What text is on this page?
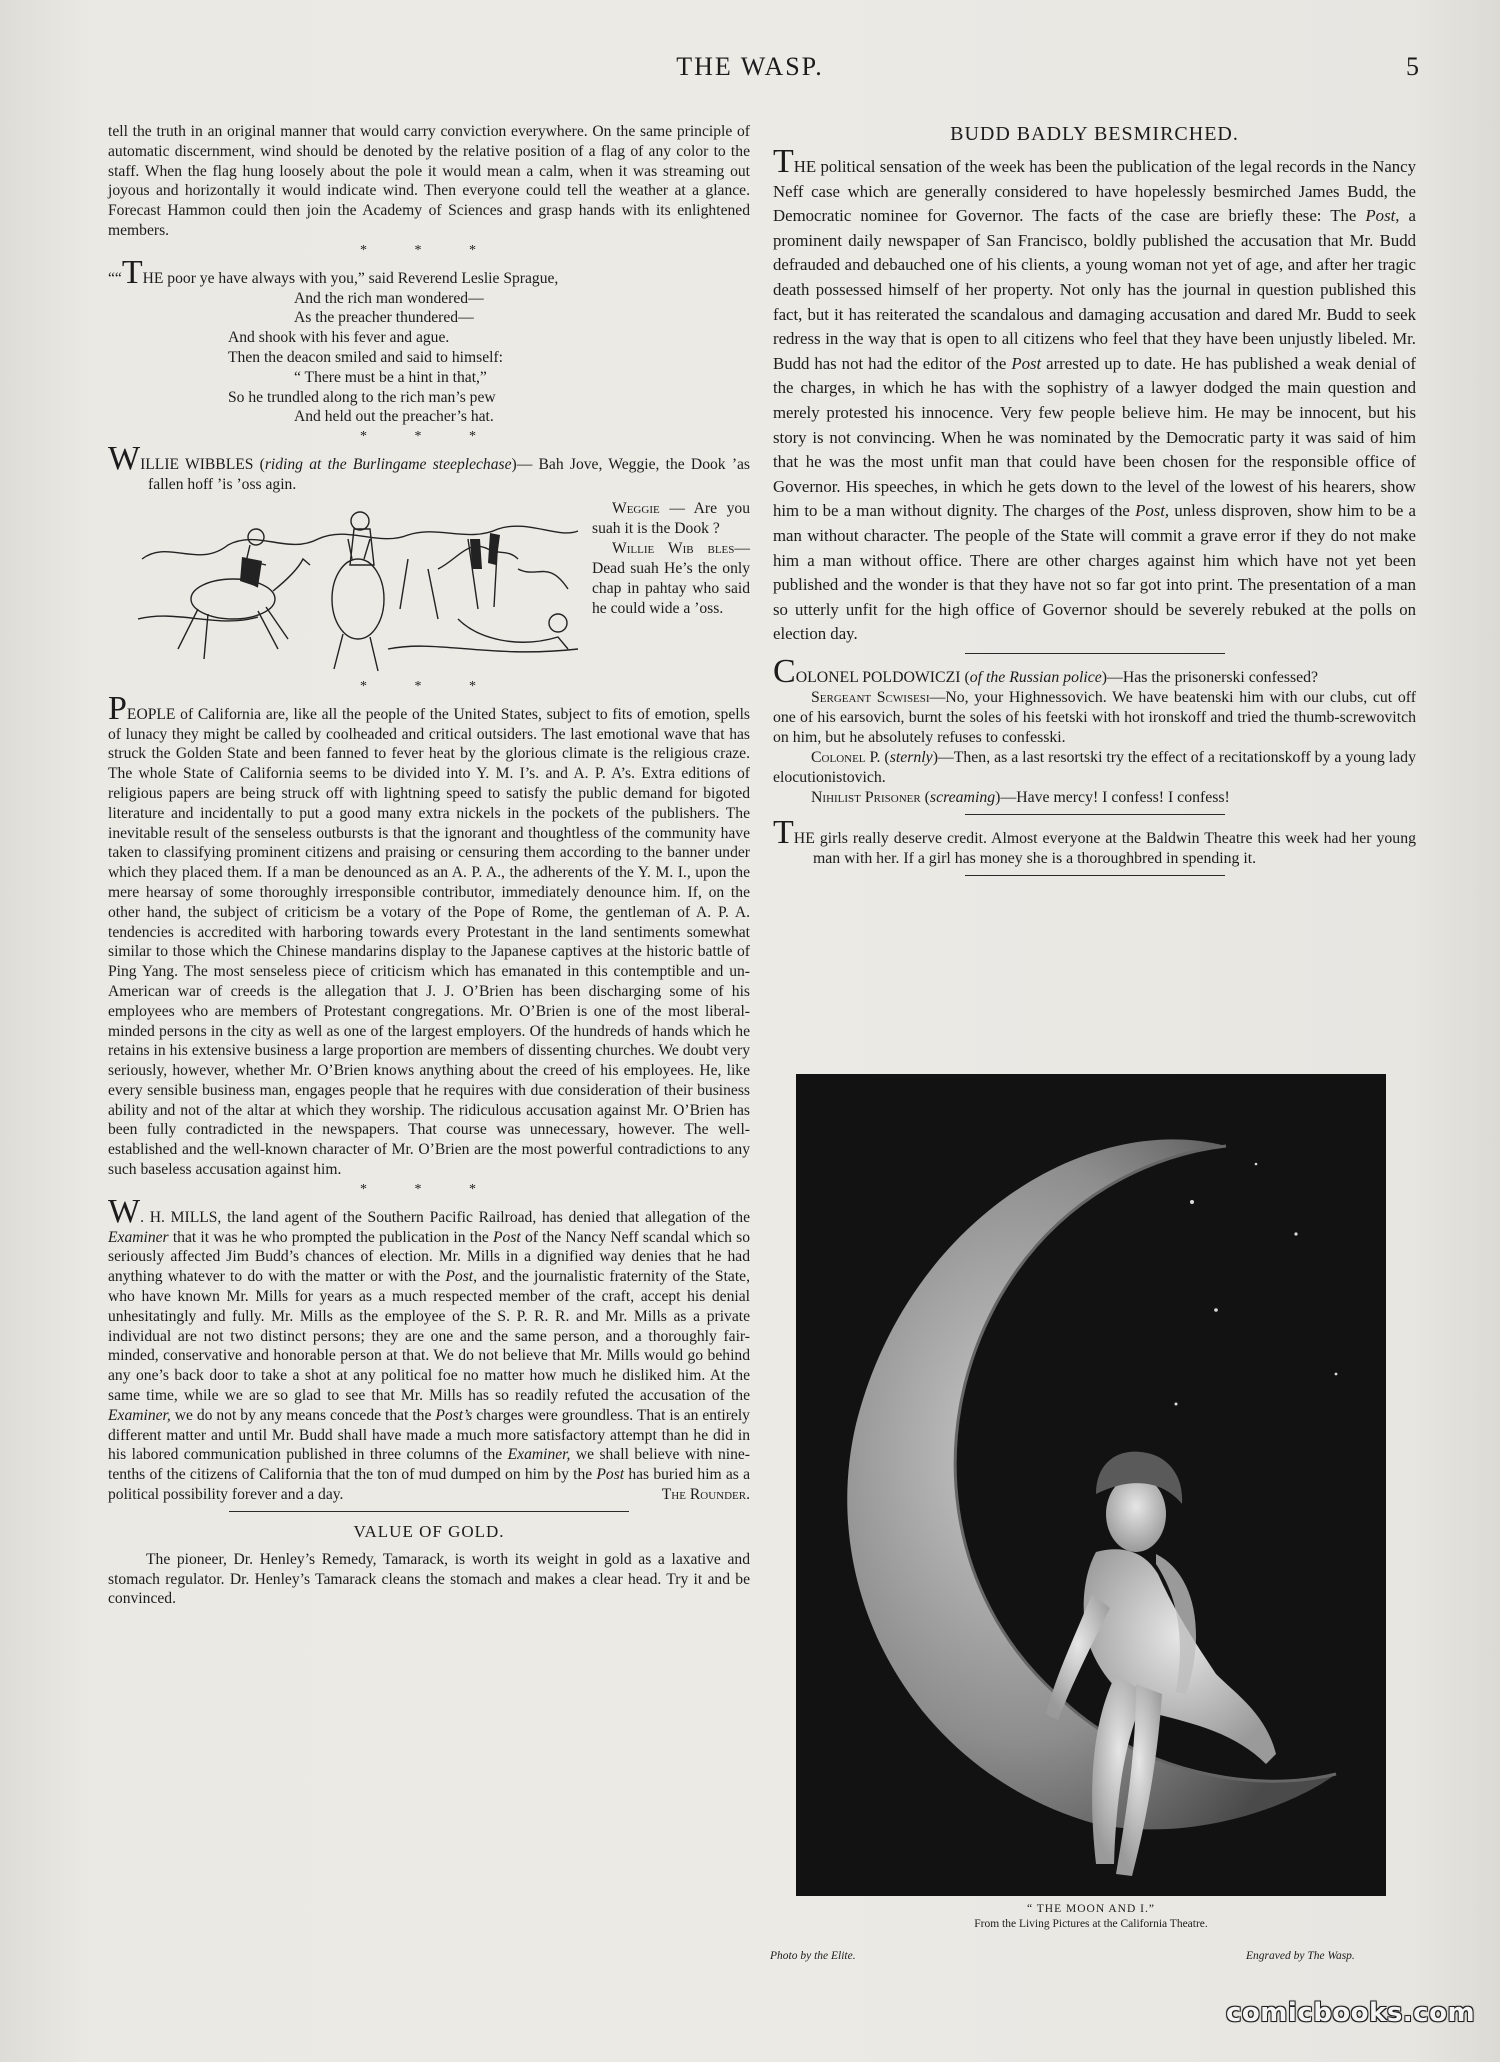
THE WASP.	5

tell the truth in an original manner that would carry conviction everywhere. On the same principle of automatic discernment, wind should be denoted by the relative position of a flag of any color to the staff. When the flag hung loosely about the pole it would mean a calm, when it was streaming out joyous and horizontally it would indicate wind. Then everyone could tell the weather at a glance. Forecast Hammon could then join the Academy of Sciences and grasp hands with its enlightened members.

* * *
““THE poor ye have always with you,” said Reverend Leslie Sprague,
And the rich man wondered—
As the preacher thundered—
And shook with his fever and ague.
Then the deacon smiled and said to himself:
“ There must be a hint in that,”
So he trundled along to the rich man’s pew
And held out the preacher’s hat.
* * *

WILLIE WIBBLES (riding at the Burlingame steeplechase)— Bah Jove, Weggie, the Dook ’as fallen hoff ’is ’oss agin.

Weggie — Are you suah it is the Dook ?

Willie Wib bles— Dead suah He’s the only chap in pahtay who said he could wide a ’oss.

* * *

PEOPLE of California are, like all the people of the United States, subject to fits of emotion, spells of lunacy they might be called by coolheaded and critical outsiders. The last emotional wave that has struck the Golden State and been fanned to fever heat by the glorious climate is the religious craze. The whole State of California seems to be divided into Y. M. I’s. and A. P. A’s. Extra editions of religious papers are being struck off with lightning speed to satisfy the public demand for bigoted literature and incidentally to put a good many extra nickels in the pockets of the publishers. The inevitable result of the senseless outbursts is that the ignorant and thoughtless of the community have taken to classifying prominent citizens and praising or censuring them according to the banner under which they placed them. If a man be denounced as an A. P. A., the adherents of the Y. M. I., upon the mere hearsay of some thoroughly irresponsible contributor, immediately denounce him. If, on the other hand, the subject of criticism be a votary of the Pope of Rome, the gentleman of A. P. A. tendencies is accredited with harboring towards every Protestant in the land sentiments somewhat similar to those which the Chinese mandarins display to the Japanese captives at the historic battle of Ping Yang. The most senseless piece of criticism which has emanated in this contemptible and un-American war of creeds is the allegation that J. J. O’Brien has been discharging some of his employees who are members of Protestant congregations. Mr. O’Brien is one of the most liberal-minded persons in the city as well as one of the largest employers. Of the hundreds of hands which he retains in his extensive business a large proportion are members of dissenting churches. We doubt very seriously, however, whether Mr. O’Brien knows anything about the creed of his employees. He, like every sensible business man, engages people that he requires with due consideration of their business ability and not of the altar at which they worship. The ridiculous accusation against Mr. O’Brien has been fully contradicted in the newspapers. That course was unnecessary, however. The well-established and the well-known character of Mr. O’Brien are the most powerful contradictions to any such baseless accusation against him.

* * *

W. H. MILLS, the land agent of the Southern Pacific Railroad, has denied that allegation of the Examiner that it was he who prompted the publication in the Post of the Nancy Neff scandal which so seriously affected Jim Budd’s chances of election. Mr. Mills in a dignified way denies that he had anything whatever to do with the matter or with the Post, and the journalistic fraternity of the State, who have known Mr. Mills for years as a much respected member of the craft, accept his denial unhesitatingly and fully. Mr. Mills as the employee of the S. P. R. R. and Mr. Mills as a private individual are not two distinct persons; they are one and the same person, and a thoroughly fair-minded, conservative and honorable person at that. We do not believe that Mr. Mills would go behind any one’s back door to take a shot at any political foe no matter how much he disliked him. At the same time, while we are so glad to see that Mr. Mills has so readily refuted the accusation of the Examiner, we do not by any means concede that the Post’s charges were groundless. That is an entirely different matter and until Mr. Budd shall have made a much more satisfactory attempt than he did in his labored communication published in three columns of the Examiner, we shall believe with nine-tenths of the citizens of California that the ton of mud dumped on him by the Post has buried him as a political possibility forever and a day.	The Rounder.

VALUE OF GOLD.

The pioneer, Dr. Henley’s Remedy, Tamarack, is worth its weight in gold as a laxative and stomach regulator. Dr. Henley’s Tamarack cleans the stomach and makes a clear head. Try it and be convinced.

BUDD BADLY BESMIRCHED.

THE political sensation of the week has been the publication of the legal records in the Nancy Neff case which are generally considered to have hopelessly besmirched James Budd, the Democratic nominee for Governor. The facts of the case are briefly these: The Post, a prominent daily newspaper of San Francisco, boldly published the accusation that Mr. Budd defrauded and debauched one of his clients, a young woman not yet of age, and after her tragic death possessed himself of her property. Not only has the journal in question published this fact, but it has reiterated the scandalous and damaging accusation and dared Mr. Budd to seek redress in the way that is open to all citizens who feel that they have been unjustly libeled. Mr. Budd has not had the editor of the Post arrested up to date. He has published a weak denial of the charges, in which he has with the sophistry of a lawyer dodged the main question and merely protested his innocence. Very few people believe him. He may be innocent, but his story is not convincing. When he was nominated by the Democratic party it was said of him that he was the most unfit man that could have been chosen for the responsible office of Governor. His speeches, in which he gets down to the level of the lowest of his hearers, show him to be a man without dignity. The charges of the Post, unless disproven, show him to be a man without character. The people of the State will commit a grave error if they do not make him a man without office. There are other charges against him which have not yet been published and the wonder is that they have not so far got into print. The presentation of a man so utterly unfit for the high office of Governor should be severely rebuked at the polls on election day.

COLONEL POLDOWICZI (of the Russian police)—Has the prisonerski confessed?

Sergeant Scwisesi—No, your Highnessovich. We have beatenski him with our clubs, cut off one of his earsovich, burnt the soles of his feetski with hot ironskoff and tried the thumb-screwovitch on him, but he absolutely refuses to confesski.

Colonel P. (sternly)—Then, as a last resortski try the effect of a recitationskoff by a young lady elocutionistovich.

Nihilist Prisoner (screaming)—Have mercy! I confess! I confess!

THE girls really deserve credit. Almost everyone at the Baldwin Theatre this week had her young man with her. If a girl has money she is a thoroughbred in spending it.

“ THE MOON AND I.”
From the Living Pictures at the California Theatre.
Photo by the Elite.	Engraved by The Wasp.
comicbooks.com
